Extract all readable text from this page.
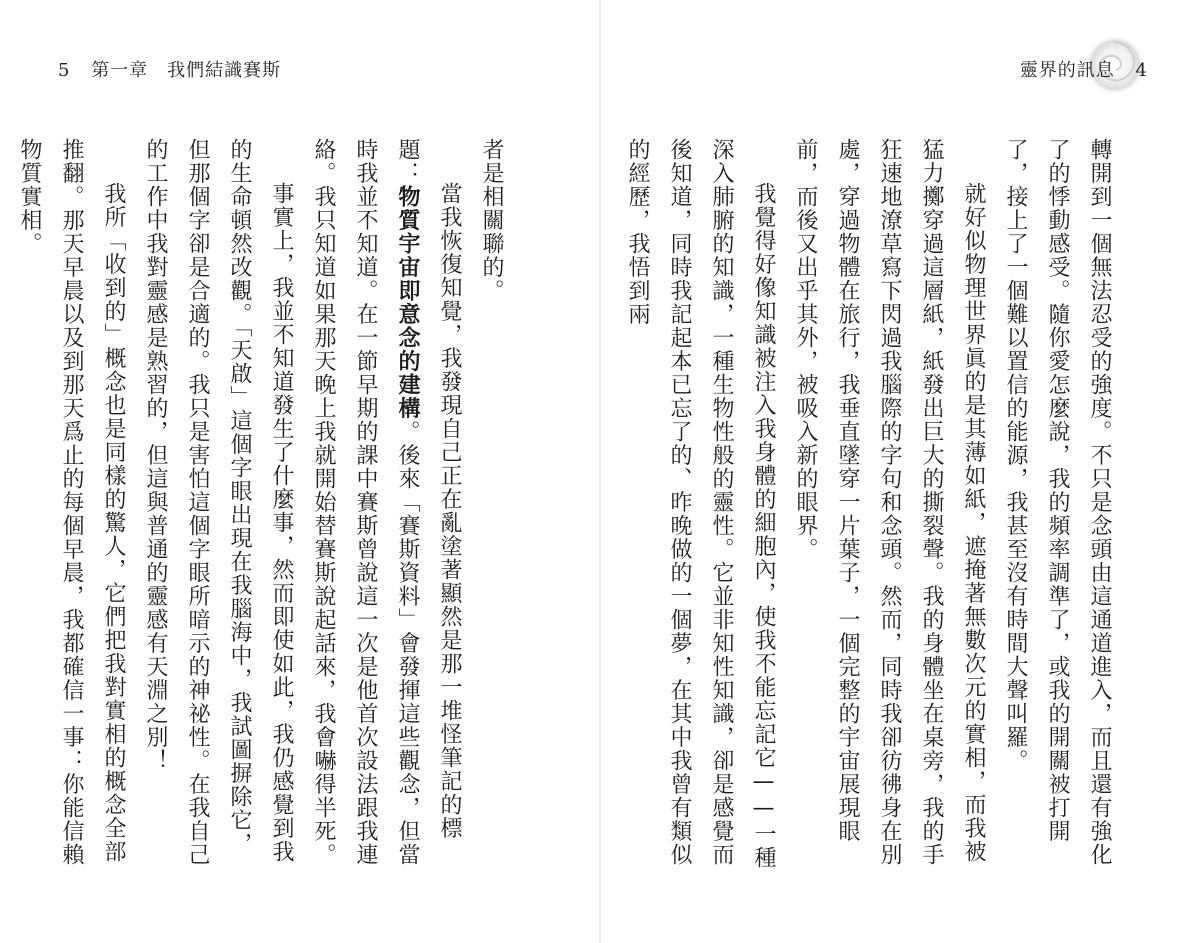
5 第一章　我們結識賽斯	靈界的訊息 4

轉開到一個無法忍受的強度。不只是念頭由這通道進入，而且還有強化了的悸動感受。隨你愛怎麼說，我的頻率調準了，或我的開關被打開了，接上了一個難以置信的能源，我甚至沒有時間大聲叫羅。

就好似物理世界眞的是其薄如紙，遮掩著無數次元的實相，而我被猛力擲穿過這層紙，紙發出巨大的撕裂聲。我的身體坐在桌旁，我的手狂速地潦草寫下閃過我腦際的字句和念頭。然而，同時我卻彷彿身在別處，穿過物體在旅行，我垂直墜穿一片葉子，一個完整的宇宙展現眼前，而後又出乎其外，被吸入新的眼界。

我覺得好像知識被注入我身體的細胞內，使我不能忘記它——一種深入肺腑的知識，一種生物性般的靈性。它並非知性知識，卻是感覺而後知道，同時我記起本已忘了的、昨晚做的一個夢，在其中我曾有類似的經歷，我悟到兩

者是相關聯的。

當我恢復知覺，我發現自己正在亂塗著顯然是那一堆怪筆記的標題：物質宇宙即意念的建構。後來「賽斯資料」會發揮這些觀念，但當時我並不知道。在一節早期的課中賽斯曾說這一次是他首次設法跟我連絡。我只知道如果那天晚上我就開始替賽斯說起話來，我會嚇得半死。

事實上，我並不知道發生了什麼事，然而即使如此，我仍感覺到我的生命頓然改觀。「天啟」這個字眼出現在我腦海中，我試圖摒除它，但那個字卻是合適的。我只是害怕這個字眼所暗示的神祕性。在我自己的工作中我對靈感是熟習的，但這與普通的靈感有天淵之別！

我所「收到的」概念也是同樣的驚人，它們把我對實相的概念全部推翻。那天早晨以及到那天爲止的每個早晨，我都確信一事：你能信賴物質實相。
